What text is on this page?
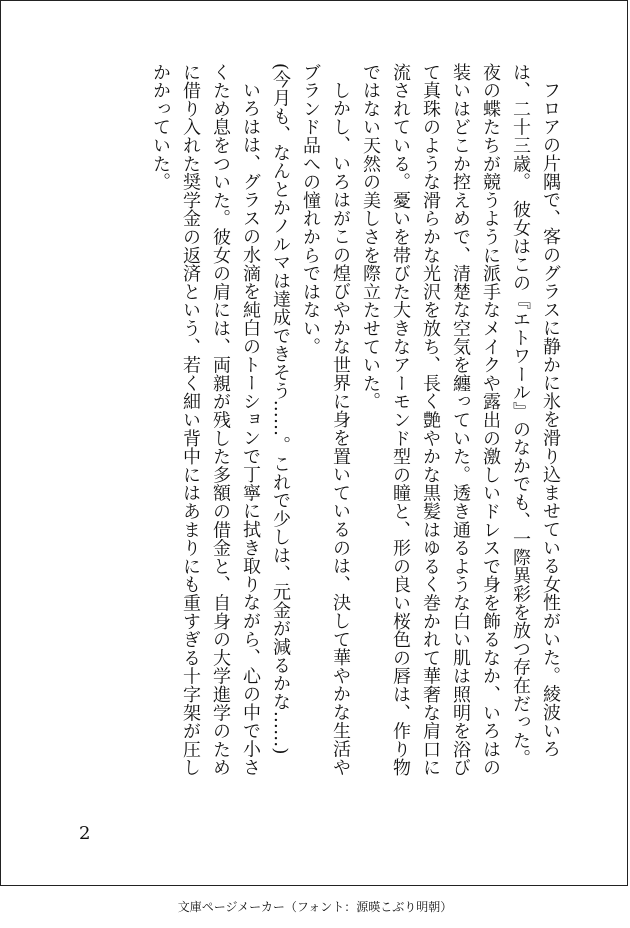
フロアの片隅で、客のグラスに静かに氷を滑り込ませている女性がいた。綾波いろは、二十三歳。　彼女はこの『エトワール』のなかでも、一際異彩を放つ存在だった。夜の蝶たちが競うように派手なメイクや露出の激しいドレスで身を飾るなか、いろはの装いはどこか控えめで、清楚な空気を纏っていた。透き通るような白い肌は照明を浴びて真珠のような滑らかな光沢を放ち、長く艶やかな黒髪はゆるく巻かれて華奢な肩口に流されている。憂いを帯びた大きなアーモンド型の瞳と、形の良い桜色の唇は、作り物ではない天然の美しさを際立たせていた。

しかし、いろはがこの煌びやかな世界に身を置いているのは、決して華やかな生活やブランド品への憧れからではない。

(今月も、なんとかノルマは達成できそう……。これで少しは、元金が減るかな……)

いろはは、グラスの水滴を純白のトーションで丁寧に拭き取りながら、心の中で小さくため息をついた。彼女の肩には、両親が残した多額の借金と、自身の大学進学のために借り入れた奨学金の返済という、若く細い背中にはあまりにも重すぎる十字架が圧しかかっていた。

2
文庫ページメーカー（フォント：源暎こぶり明朝）
